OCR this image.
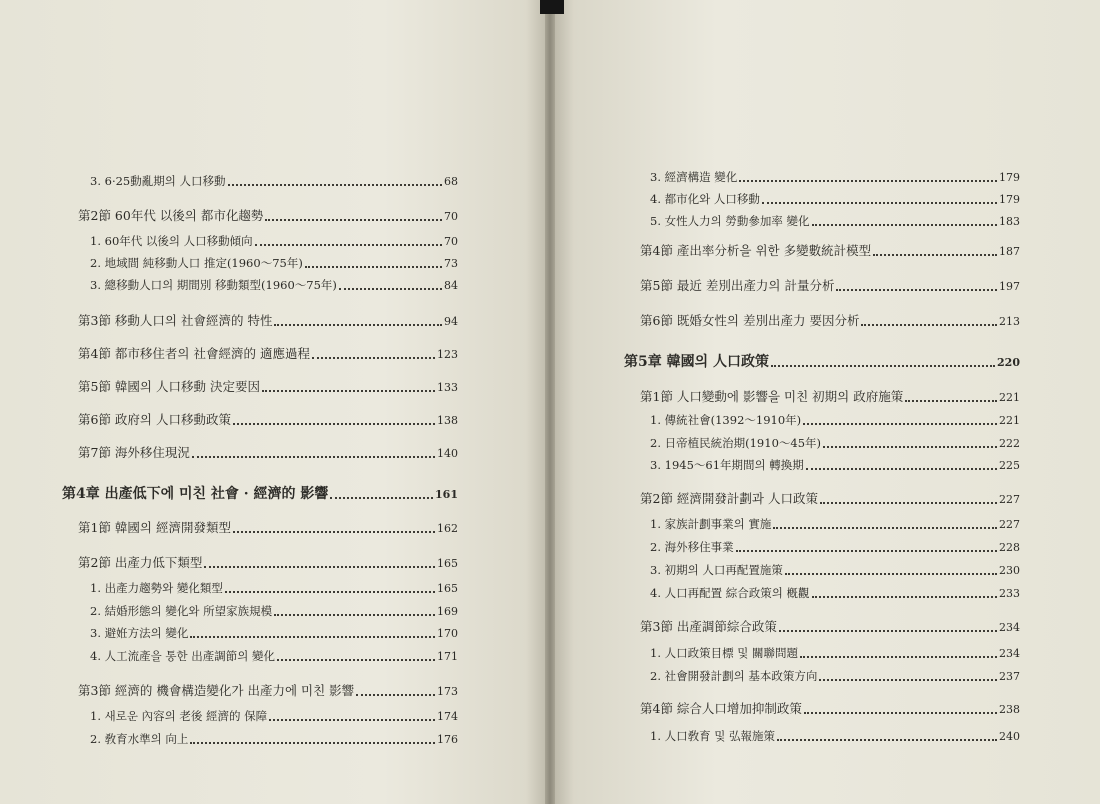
3. 6·25動亂期의 人口移動	68
第2節 60年代 以後의 都市化趨勢	70
1. 60年代 以後의 人口移動傾向	70
2. 地域間 純移動人口 推定(1960～75年)	73
3. 總移動人口의 期間別 移動類型(1960～75年)	84
第3節 移動人口의 社會經濟的 特性	94
第4節 都市移住者의 社會經濟的 適應過程	123
第5節 韓國의 人口移動 決定要因	133
第6節 政府의 人口移動政策	138
第7節 海外移住現況	140
第4章 出產低下에 미친 社會 · 經濟的 影響	161
第1節 韓國의 經濟開發類型	162
第2節 出產力低下類型	165
1. 出產力趨勢와 變化類型	165
2. 結婚形態의 變化와 所望家族規模	169
3. 避姙方法의 變化	170
4. 人工流產을 통한 出產調節의 變化	171
第3節 經濟的 機會構造變化가 出產力에 미친 影響	173
1. 새로운 內容의 老後 經濟的 保障	174
2. 敎育水準의 向上	176
3. 經濟構造 變化	179
4. 都市化와 人口移動	179
5. 女性人力의 勞動參加率 變化	183
第4節 產出率分析을 위한 多變數統計模型	187
第5節 最近 差別出產力의 計量分析	197
第6節 既婚女性의 差別出產力 要因分析	213
第5章 韓國의 人口政策	220
第1節 人口變動에 影響을 미친 初期의 政府施策	221
1. 傳統社會(1392～1910年)	221
2. 日帝植民統治期(1910～45年)	222
3. 1945～61年期間의 轉換期	225
第2節 經濟開發計劃과 人口政策	227
1. 家族計劃事業의 實施	227
2. 海外移住事業	228
3. 初期의 人口再配置施策	230
4. 人口再配置 綜合政策의 槪觀	233
第3節 出產調節綜合政策	234
1. 人口政策目標 및 關聯問題	234
2. 社會開發計劃의 基本政策方向	237
第4節 綜合人口增加抑制政策	238
1. 人口敎育 및 弘報施策	240
